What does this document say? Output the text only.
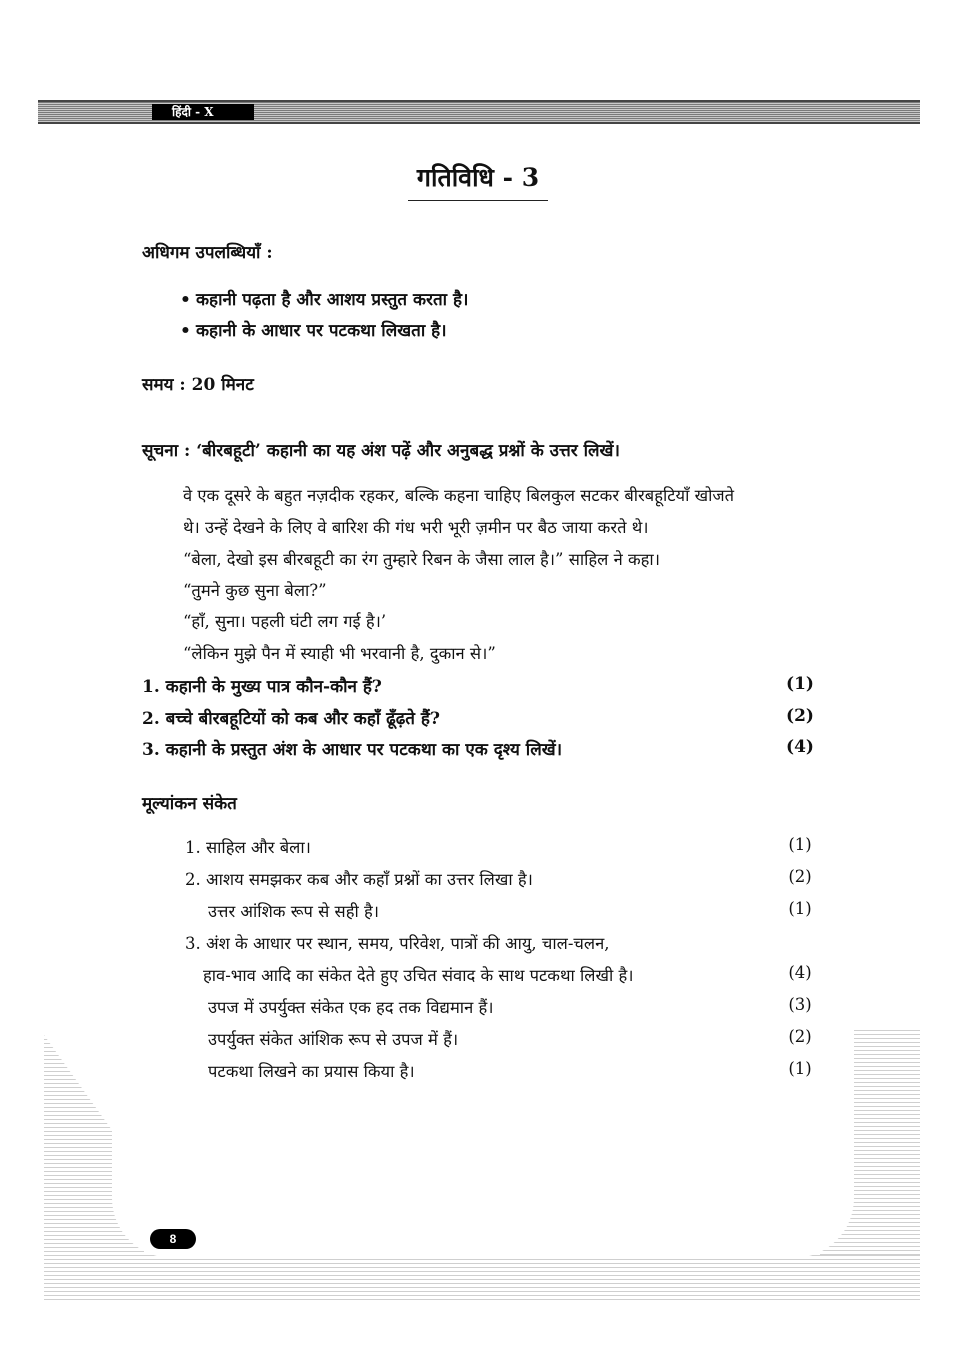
हिंदी - X
गतिविधि - 3
अधिगम उपलब्धियाँ :
• कहानी पढ़ता है और आशय प्रस्तुत करता है।
• कहानी के आधार पर पटकथा लिखता है।
समय : 20 मिनट
सूचना : ‘बीरबहूटी’ कहानी का यह अंश पढ़ें और अनुबद्ध प्रश्नों के उत्तर लिखें।
वे एक दूसरे के बहुत नज़दीक रहकर, बल्कि कहना चाहिए बिलकुल सटकर बीरबहूटियाँ खोजते
थे। उन्हें देखने के लिए वे बारिश की गंध भरी भूरी ज़मीन पर बैठ जाया करते थे।
“बेला, देखो इस बीरबहूटी का रंग तुम्हारे रिबन के जैसा लाल है।” साहिल ने कहा।
“तुमने कुछ सुना बेला?”
“हाँ, सुना। पहली घंटी लग गई है।’
“लेकिन मुझे पैन में स्याही भी भरवानी है, दुकान से।”
1. कहानी के मुख्य पात्र कौन-कौन हैं?	(1)
2. बच्चे बीरबहूटियों को कब और कहाँ ढूँढ़ते हैं?	(2)
3. कहानी के प्रस्तुत अंश के आधार पर पटकथा का एक दृश्य लिखें।	(4)
मूल्यांकन संकेत
1. साहिल और बेला।	(1)
2. आशय समझकर कब और कहाँ प्रश्नों का उत्तर लिखा है।	(2)
उत्तर आंशिक रूप से सही है।	(1)
3. अंश के आधार पर स्थान, समय, परिवेश, पात्रों की आयु, चाल-चलन,
हाव-भाव आदि का संकेत देते हुए उचित संवाद के साथ पटकथा लिखी है।	(4)
उपज में उपर्युक्त संकेत एक हद तक विद्यमान हैं।	(3)
उपर्युक्त संकेत आंशिक रूप से उपज में हैं।	(2)
पटकथा लिखने का प्रयास किया है।	(1)
8
